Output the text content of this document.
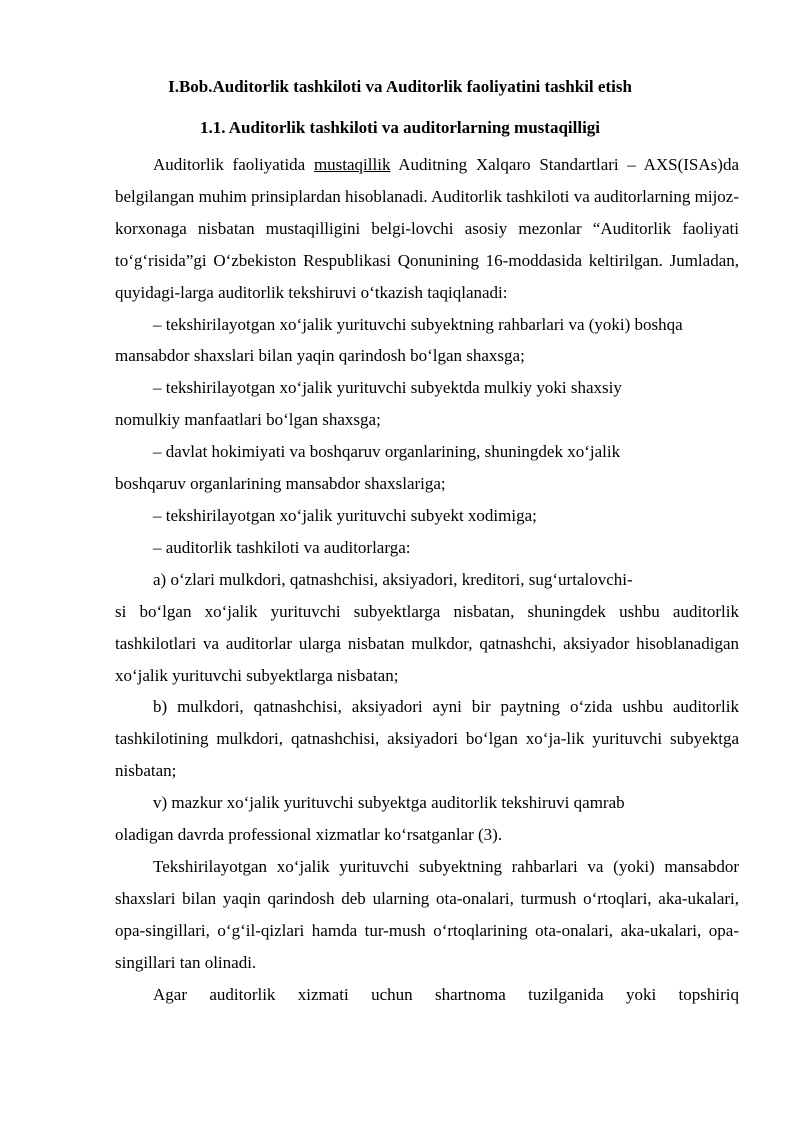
I.Bob.Auditorlik tashkiloti va Auditorlik faoliyatini tashkil etish

1.1. Auditorlik tashkiloti va auditorlarning mustaqilligi

Auditorlik faoliyatida mustaqillik Auditning Xalqaro Standartlari – AXS(ISAs)da belgilangan muhim prinsiplardan hisoblanadi. Auditorlik tashkiloti va auditorlarning mijoz-korxonaga nisbatan mustaqilligini belgi-lovchi asosiy mezonlar “Auditorlik faoliyati to‘g‘risida”gi O‘zbekiston Respublikasi Qonunining 16-moddasida keltirilgan. Jumladan, quyidagi-larga auditorlik tekshiruvi o‘tkazish taqiqlanadi:

– tekshirilayotgan xo‘jalik yurituvchi subyektning rahbarlari va (yoki) boshqa

mansabdor shaxslari bilan yaqin qarindosh bo‘lgan shaxsga;

– tekshirilayotgan xo‘jalik yurituvchi subyektda mulkiy yoki shaxsiy

nomulkiy manfaatlari bo‘lgan shaxsga;

– davlat hokimiyati va boshqaruv organlarining, shuningdek xo‘jalik

boshqaruv organlarining mansabdor shaxslariga;

– tekshirilayotgan xo‘jalik yurituvchi subyekt xodimiga;

– auditorlik tashkiloti va auditorlarga:

a) o‘zlari mulkdori, qatnashchisi, aksiyadori, kreditori, sug‘urtalovchi-

si bo‘lgan xo‘jalik yurituvchi subyektlarga nisbatan, shuningdek ushbu auditorlik tashkilotlari va auditorlar ularga nisbatan mulkdor, qatnashchi, aksiyador hisoblanadigan xo‘jalik yurituvchi subyektlarga nisbatan;

b) mulkdori, qatnashchisi, aksiyadori ayni bir paytning o‘zida ushbu auditorlik tashkilotining mulkdori, qatnashchisi, aksiyadori bo‘lgan xo‘ja-lik yurituvchi subyektga nisbatan;

v) mazkur xo‘jalik yurituvchi subyektga auditorlik tekshiruvi qamrab

oladigan davrda professional xizmatlar ko‘rsatganlar (3).

Tekshirilayotgan xo‘jalik yurituvchi subyektning rahbarlari va (yoki) mansabdor shaxslari bilan yaqin qarindosh deb ularning ota-onalari, turmush o‘rtoqlari, aka-ukalari, opa-singillari, o‘g‘il-qizlari hamda tur-mush o‘rtoqlarining ota-onalari, aka-ukalari, opa-singillari tan olinadi.

Agar auditorlik xizmati uchun shartnoma tuzilganida yoki topshiriq
